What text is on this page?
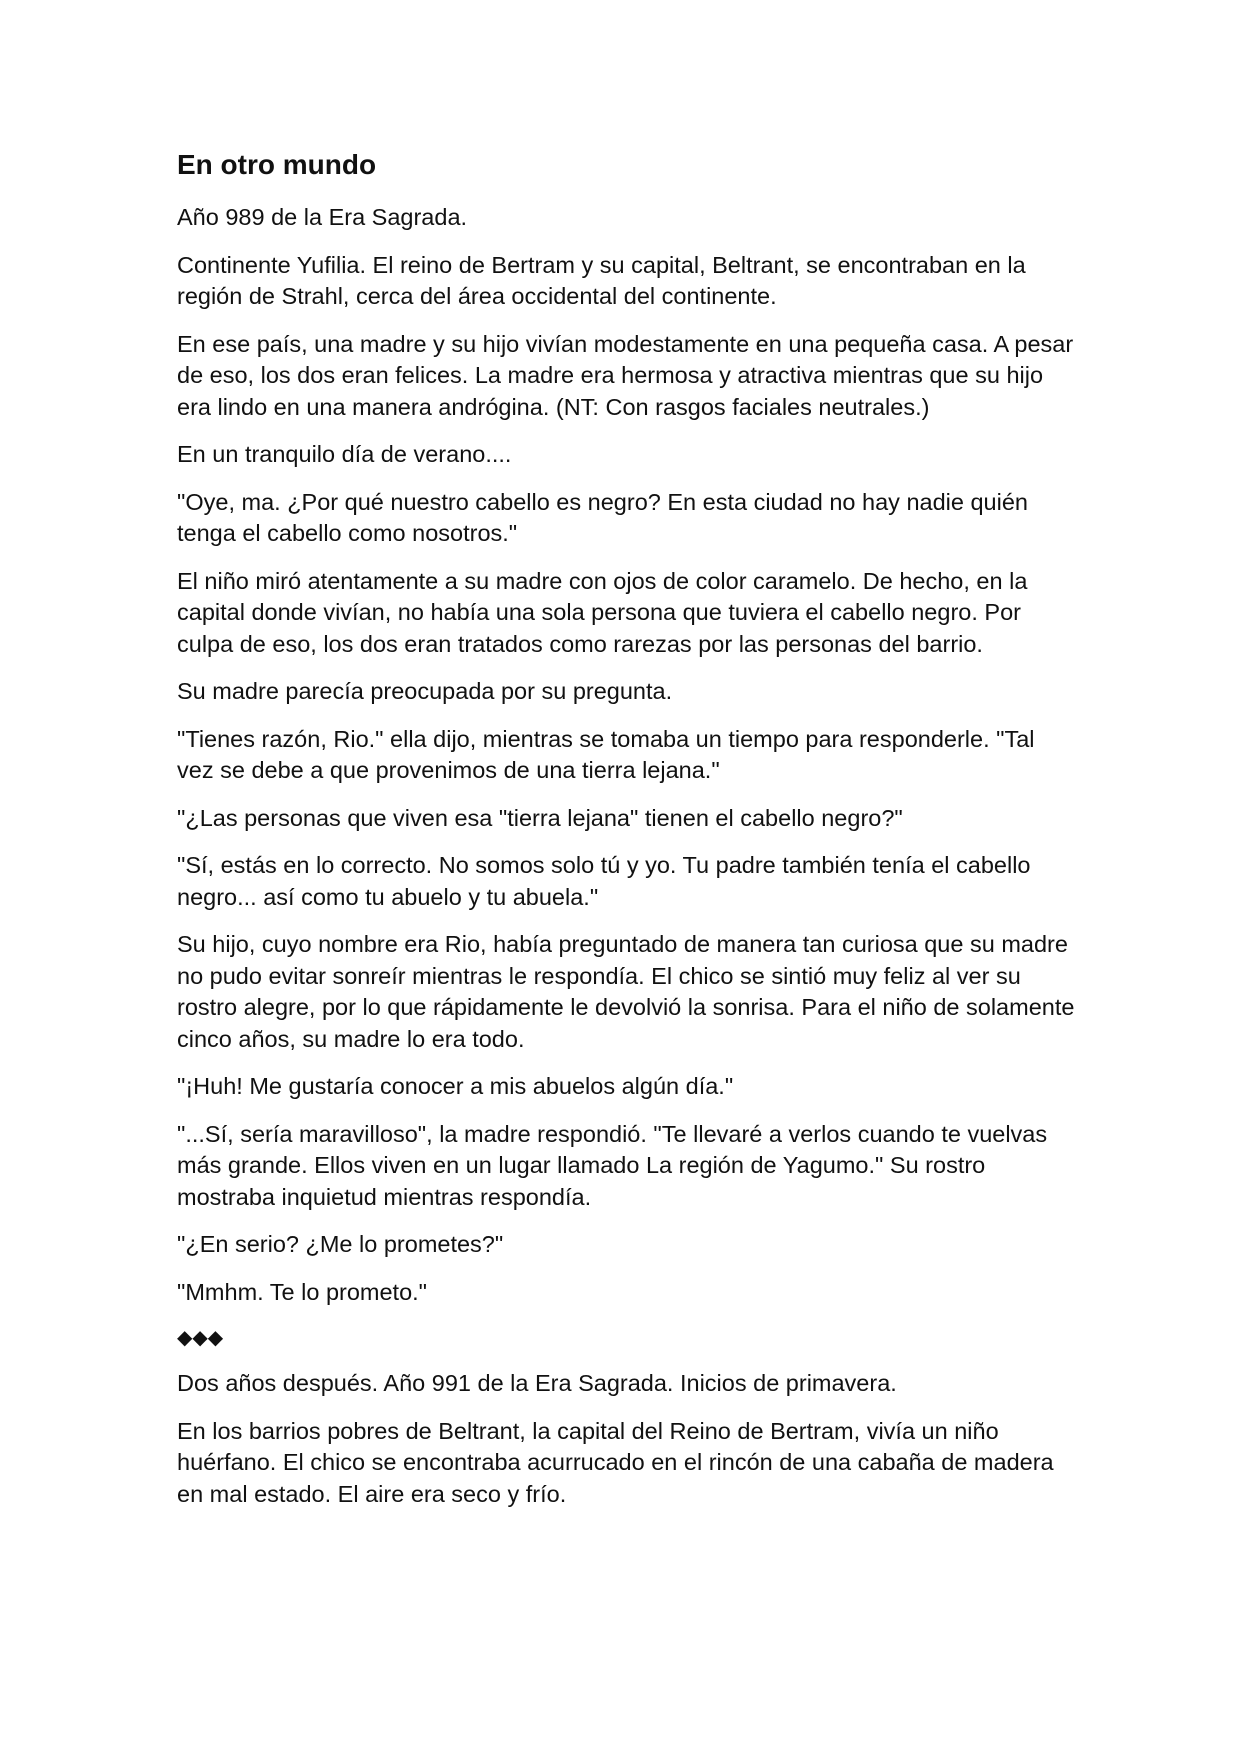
En otro mundo

Año 989 de la Era Sagrada.

Continente Yufilia. El reino de Bertram y su capital, Beltrant, se encontraban en la región de Strahl, cerca del área occidental del continente.

En ese país, una madre y su hijo vivían modestamente en una pequeña casa. A pesar de eso, los dos eran felices. La madre era hermosa y atractiva mientras que su hijo era lindo en una manera andrógina. (NT: Con rasgos faciales neutrales.)

En un tranquilo día de verano....

"Oye, ma. ¿Por qué nuestro cabello es negro? En esta ciudad no hay nadie quién tenga el cabello como nosotros."

El niño miró atentamente a su madre con ojos de color caramelo. De hecho, en la capital donde vivían, no había una sola persona que tuviera el cabello negro. Por culpa de eso, los dos eran tratados como rarezas por las personas del barrio.

Su madre parecía preocupada por su pregunta.

"Tienes razón, Rio." ella dijo, mientras se tomaba un tiempo para responderle. "Tal vez se debe a que provenimos de una tierra lejana."

"¿Las personas que viven esa "tierra lejana" tienen el cabello negro?"

"Sí, estás en lo correcto. No somos solo tú y yo. Tu padre también tenía el cabello negro... así como tu abuelo y tu abuela."

Su hijo, cuyo nombre era Rio, había preguntado de manera tan curiosa que su madre no pudo evitar sonreír mientras le respondía. El chico se sintió muy feliz al ver su rostro alegre, por lo que rápidamente le devolvió la sonrisa. Para el niño de solamente cinco años, su madre lo era todo.

"¡Huh! Me gustaría conocer a mis abuelos algún día."

"...Sí, sería maravilloso", la madre respondió. "Te llevaré a verlos cuando te vuelvas más grande. Ellos viven en un lugar llamado La región de Yagumo." Su rostro mostraba inquietud mientras respondía.

"¿En serio? ¿Me lo prometes?"

"Mmhm. Te lo prometo."

◆◆◆

Dos años después. Año 991 de la Era Sagrada. Inicios de primavera.

En los barrios pobres de Beltrant, la capital del Reino de Bertram, vivía un niño huérfano. El chico se encontraba acurrucado en el rincón de una cabaña de madera en mal estado. El aire era seco y frío.
